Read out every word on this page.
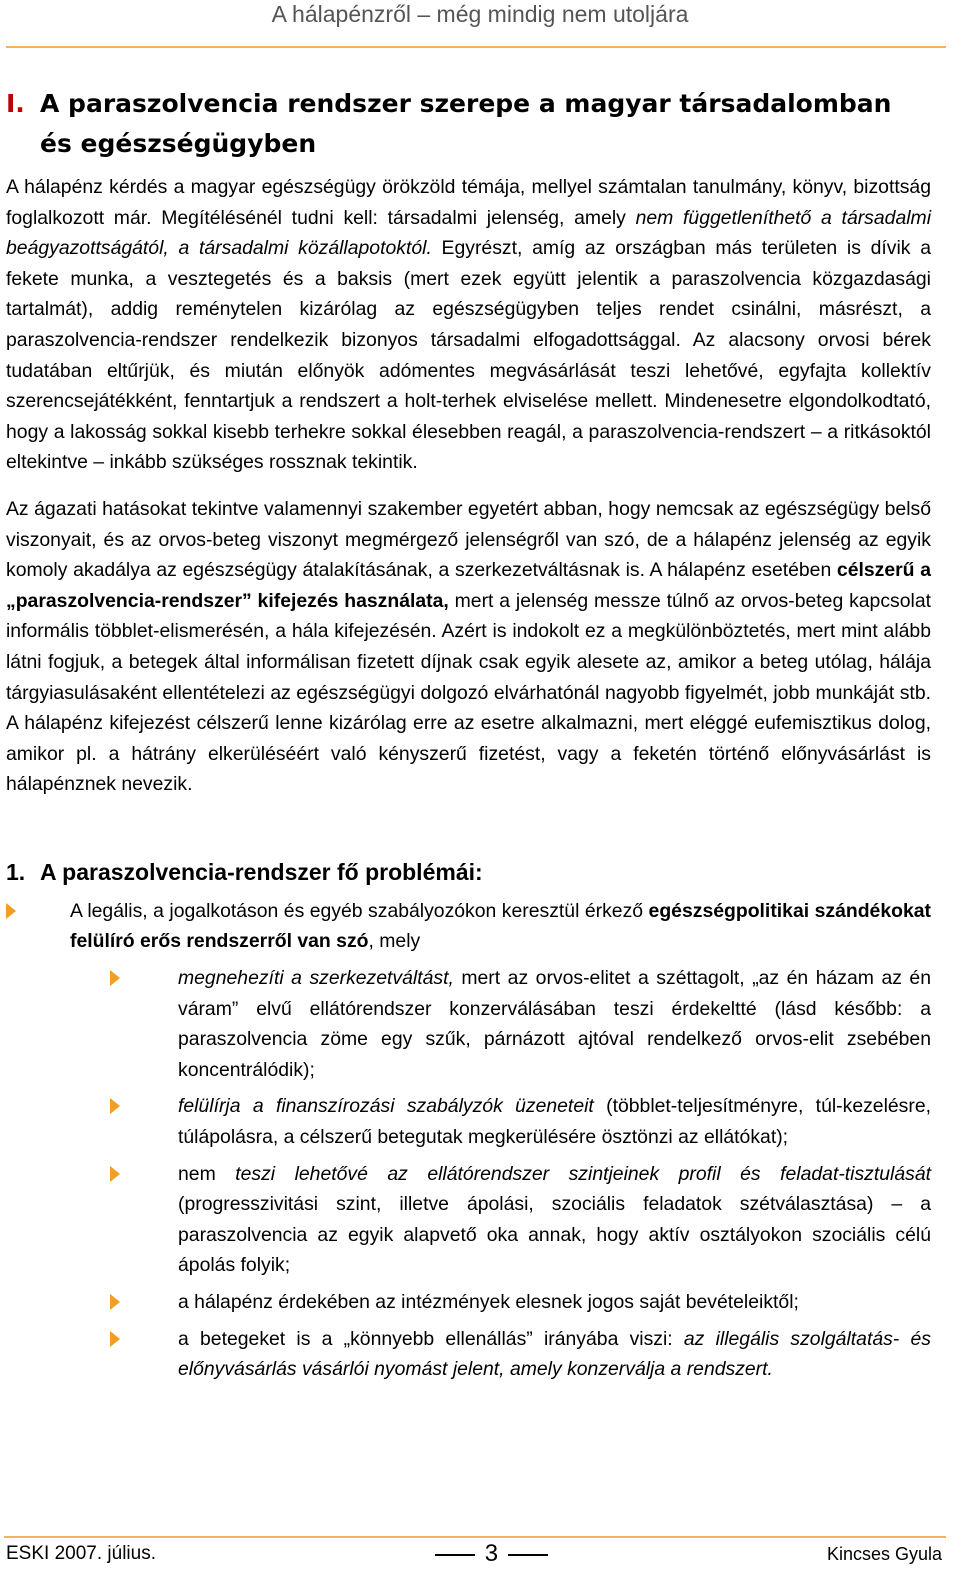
A hálapénzről – még mindig nem utoljára
I. A paraszolvencia rendszer szerepe a magyar társadalomban és egészségügyben

A hálapénz kérdés a magyar egészségügy örökzöld témája, mellyel számtalan tanulmány, könyv, bizottság foglalkozott már. Megítélésénél tudni kell: társadalmi jelenség, amely nem függetleníthető a társadalmi beágyazottságától, a társadalmi közállapotoktól. Egyrészt, amíg az országban más területen is dívik a fekete munka, a vesztegetés és a baksis (mert ezek együtt jelentik a paraszolvencia közgazdasági tartalmát), addig reménytelen kizárólag az egészségügyben teljes rendet csinálni, másrészt, a paraszolvencia-rendszer rendelkezik bizonyos társadalmi elfogadottsággal. Az alacsony orvosi bérek tudatában eltűrjük, és miután előnyök adómentes megvásárlását teszi lehetővé, egyfajta kollektív szerencsejátékként, fenntartjuk a rendszert a holt-terhek elviselése mellett. Mindenesetre elgondolkodtató, hogy a lakosság sokkal kisebb terhekre sokkal élesebben reagál, a paraszolvencia-rendszert – a ritkásoktól eltekintve – inkább szükséges rossznak tekintik.

Az ágazati hatásokat tekintve valamennyi szakember egyetért abban, hogy nemcsak az egészségügy belső viszonyait, és az orvos-beteg viszonyt megmérgező jelenségről van szó, de a hálapénz jelenség az egyik komoly akadálya az egészségügy átalakításának, a szerkezetváltásnak is. A hálapénz esetében célszerű a „paraszolvencia-rendszer” kifejezés használata, mert a jelenség messze túlnő az orvos-beteg kapcsolat informális többlet-elismerésén, a hála kifejezésén. Azért is indokolt ez a megkülönböztetés, mert mint alább látni fogjuk, a betegek által informálisan fizetett díjnak csak egyik alesete az, amikor a beteg utólag, hálája tárgyiasulásaként ellentételezi az egészségügyi dolgozó elvárhatónál nagyobb figyelmét, jobb munkáját stb. A hálapénz kifejezést célszerű lenne kizárólag erre az esetre alkalmazni, mert eléggé eufemisztikus dolog, amikor pl. a hátrány elkerüléséért való kényszerű fizetést, vagy a feketén történő előnyvásárlást is hálapénznek nevezik.

1. A paraszolvencia-rendszer fő problémái:
A legális, a jogalkotáson és egyéb szabályozókon keresztül érkező egészségpolitikai szándékokat felülíró erős rendszerről van szó, mely
megnehezíti a szerkezetváltást, mert az orvos-elitet a széttagolt, „az én házam az én váram” elvű ellátórendszer konzerválásában teszi érdekeltté (lásd később: a paraszolvencia zöme egy szűk, párnázott ajtóval rendelkező orvos-elit zsebében koncentrálódik);
felülírja a finanszírozási szabályzók üzeneteit (többlet-teljesítményre, túl-kezelésre, túlápolásra, a célszerű betegutak megkerülésére ösztönzi az ellátókat);
nem teszi lehetővé az ellátórendszer szintjeinek profil és feladat-tisztulását (progresszivitási szint, illetve ápolási, szociális feladatok szétválasztása) – a paraszolvencia az egyik alapvető oka annak, hogy aktív osztályokon szociális célú ápolás folyik;
a hálapénz érdekében az intézmények elesnek jogos saját bevételeiktől;
a betegeket is a „könnyebb ellenállás” irányába viszi: az illegális szolgáltatás- és előnyvásárlás vásárlói nyomást jelent, amely konzerválja a rendszert.
ESKI 2007. július.	3	Kincses Gyula
